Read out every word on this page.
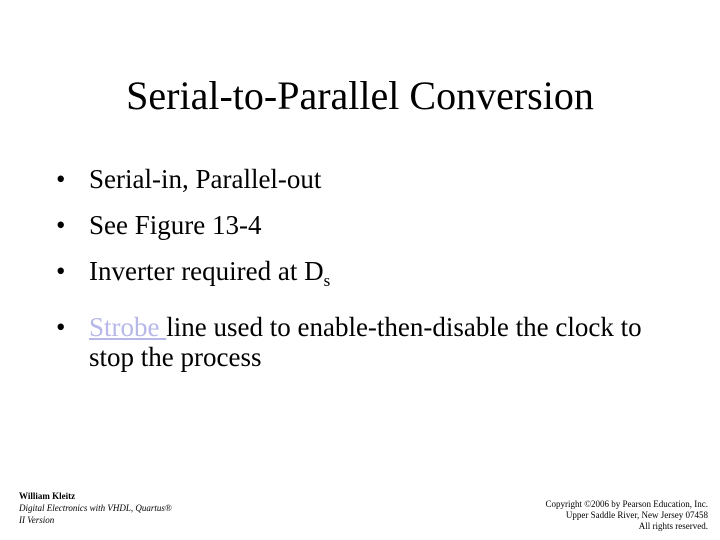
Serial-to-Parallel Conversion
• Serial-in, Parallel-out
• See Figure 13-4
• Inverter required at $D_s$
• Strobe line used to enable-then-disable the clock to stop the process
William Kleitz
Digital Electronics with VHDL, Quartus®
II Version
Copyright ©2006 by Pearson Education, Inc.
Upper Saddle River, New Jersey 07458
All rights reserved.
